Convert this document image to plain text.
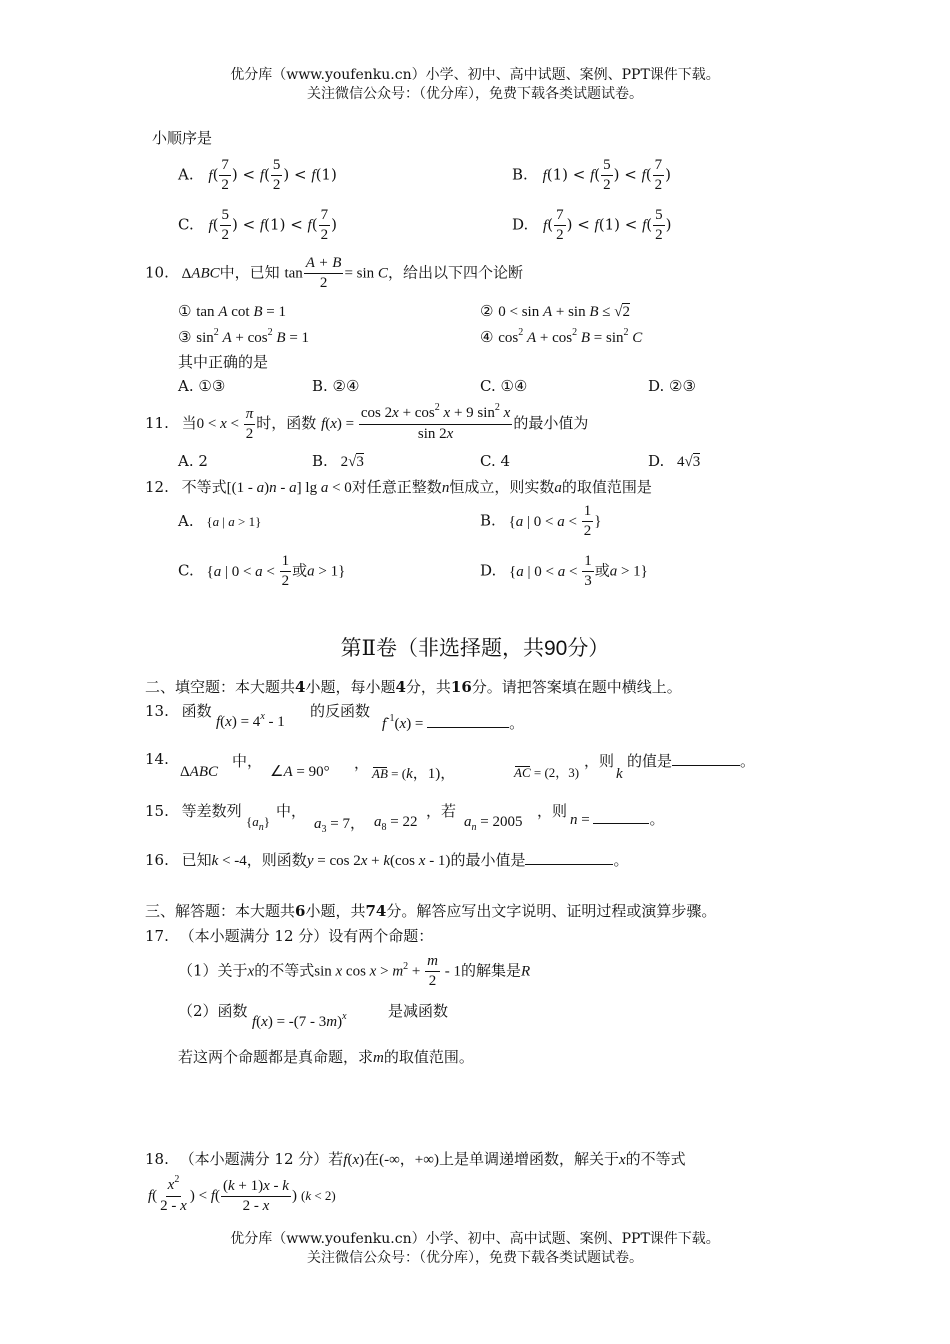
优分库（www.youfenku.cn）小学、初中、高中试题、案例、PPT课件下载。
关注微信公众号：（优分库），免费下载各类试题试卷。
小顺序是
A. $f( \frac{7}{2}$ ) < $f( \frac{5}{2}$ ) < f(1)	B. $f(1) < f( \frac{5}{2}$ ) < $f( \frac{7}{2}$ )
C. $f( \frac{5}{2}$ ) < $f(1) < f( \frac{7}{2}$ )	D. $f( \frac{7}{2}$ ) < $f(1) < f( \frac{5}{2}$ )
10. ΔABC中，已知 $\tan \frac{A + B}{2} = \sin C$，给出以下四个论断
① tan A cot B = 1	② 0 < sin A + sin B ≤ √2
③ $\sin^2 A + \cos^2 B = 1$	④ $\cos^2 A + \cos^2 B = \sin^2 C$
其中正确的是
A. ①③	B. ②④	C. ①④	D. ②③
11. 当$0 < x < \frac{\pi}{2}$ 时，函数 $f(x) = \frac{\cos 2x + \cos^2 x + 9 \sin^2 x}{\sin 2x}$ 的最小值为
A. 2	B. 2√3	C. 4	D. 4√3
12. 不等式[(1 - a)n - a] lg a < 0对任意正整数n恒成立，则实数a的取值范围是
A. {a | a > 1}	B. {a | $0 < a < \frac{1}{2}$ }
C. {a | $0 < a < \frac{1}{2}$ 或a > 1}	D. {a | $0 < a < \frac{1}{3}$ 或a > 1}
第Ⅱ卷（非选择题，共90分）
二、填空题：本大题共4小题，每小题4分，共16分。请把答案填在题中横线上。
13. 函数
$f(x) = 4^x - 1$
的反函数
$f^{-1}(x)$ =	。
14.
ΔABC
中，
∠A = 90° ，
AB = (k，1)，	AC = (2，3)
，则
k
的值是	。
15. 等差数列
$\{a_n\}$
中，
$a_3 = 7$， $a_8 = 22$
，若
$a_n = 2005$
，则 n =	。
16. 已知k < -4，则函数y = cos 2x + k(cos x - 1)的最小值是	。
三、解答题：本大题共6小题，共74分。解答应写出文字说明、证明过程或演算步骤。
17. （本小题满分 12 分）设有两个命题：
（1）关于x的不等式sin x $\cos x > m^2 + \frac{m}{2} - 1$的解集是R
（2）函数
f(x) = -(7 - 3m)$^x$	是减函数
若这两个命题都是真命题，求m的取值范围。
18. （本小题满分 12 分）若f(x)在(-∞，+∞)上是单调递增函数，解关于x的不等式
$f( \frac{x^2}{2 - x}$ ) < $f( \frac{(k + 1)x - k}{2 - x}$ ) (k < 2)
优分库（www.youfenku.cn）小学、初中、高中试题、案例、PPT课件下载。
关注微信公众号：（优分库），免费下载各类试题试卷。
